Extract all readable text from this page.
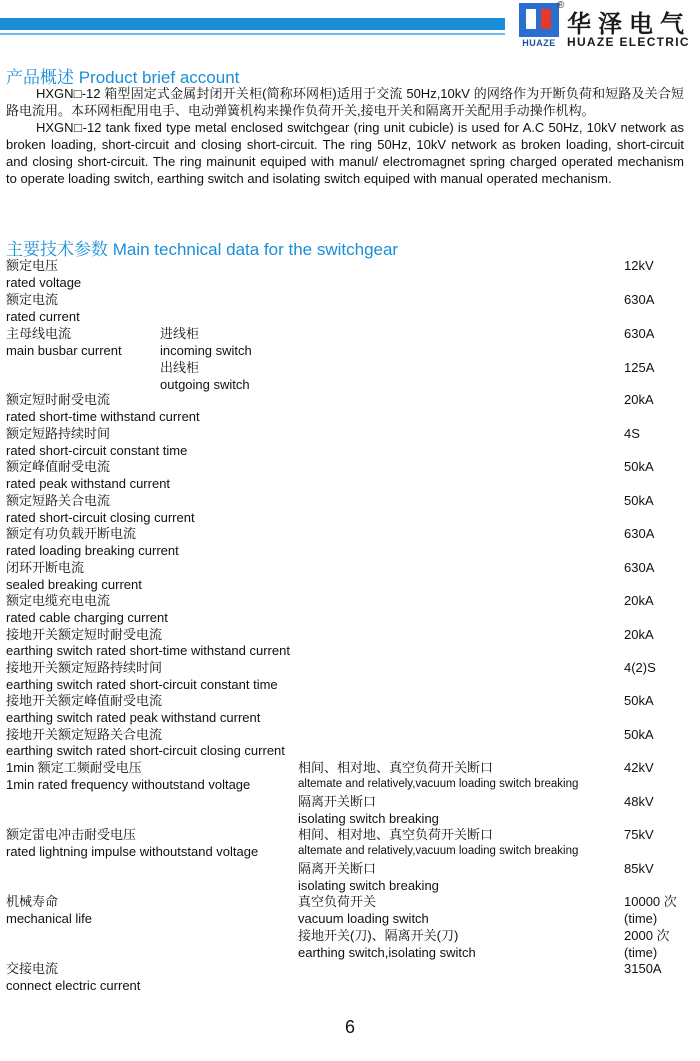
HUAZE
®
华泽电气
HUAZE ELECTRIC
产品概述 Product brief account

HXGN□-12 箱型固定式金属封闭开关柜(简称环网柜)适用于交流 50Hz,10kV 的网络作为开断负荷和短路及关合短路电流用。本环网柜配用电手、电动弹簧机构来操作负荷开关,接电开关和隔离开关配用手动操作机构。

HXGN□-12 tank fixed type metal enclosed switchgear (ring unit cubicle) is used for A.C 50Hz, 10kV network as broken loading, short-circuit and closing short-circuit. The ring 50Hz, 10kV network as broken loading, short-circuit and closing short-circuit. The ring mainunit equiped with manul/ electromagnet spring charged operated mechanism to operate loading switch, earthing switch and isolating switch equiped with manual operated mechanism.

主要技术参数 Main technical data for the switchgear
额定电压
rated voltage
12kV
额定电流
rated current
630A
主母线电流
main busbar current
进线柜
incoming switch
630A
出线柜
outgoing switch
125A
额定短时耐受电流
rated short-time withstand current
20kA
额定短路持续时间
rated short-circuit constant time
4S
额定峰值耐受电流
rated peak withstand current
50kA
额定短路关合电流
rated short-circuit closing current
50kA
额定有功负载开断电流
rated loading breaking current
630A
闭环开断电流
sealed breaking current
630A
额定电缆充电电流
rated cable charging current
20kA
接地开关额定短时耐受电流
earthing switch rated short-time withstand current
20kA
接地开关额定短路持续时间
earthing switch rated short-circuit constant time
4(2)S
接地开关额定峰值耐受电流
earthing switch rated peak withstand current
50kA
接地开关额定短路关合电流
earthing switch rated short-circuit closing current
50kA
1min 额定工频耐受电压
1min rated frequency withoutstand voltage
相间、相对地、真空负荷开关断口
altemate and relatively,vacuum loading switch breaking
42kV
隔离开关断口
isolating switch breaking
48kV
额定雷电冲击耐受电压
rated lightning impulse withoutstand voltage
相间、相对地、真空负荷开关断口
altemate and relatively,vacuum loading switch breaking
75kV
隔离开关断口
isolating switch breaking
85kV
机械寿命
mechanical life
真空负荷开关
vacuum loading switch
10000 次
(time)
接地开关(刀)、隔离开关(刀)
earthing switch,isolating switch
2000 次
(time)
交接电流
connect electric current
3150A
6
